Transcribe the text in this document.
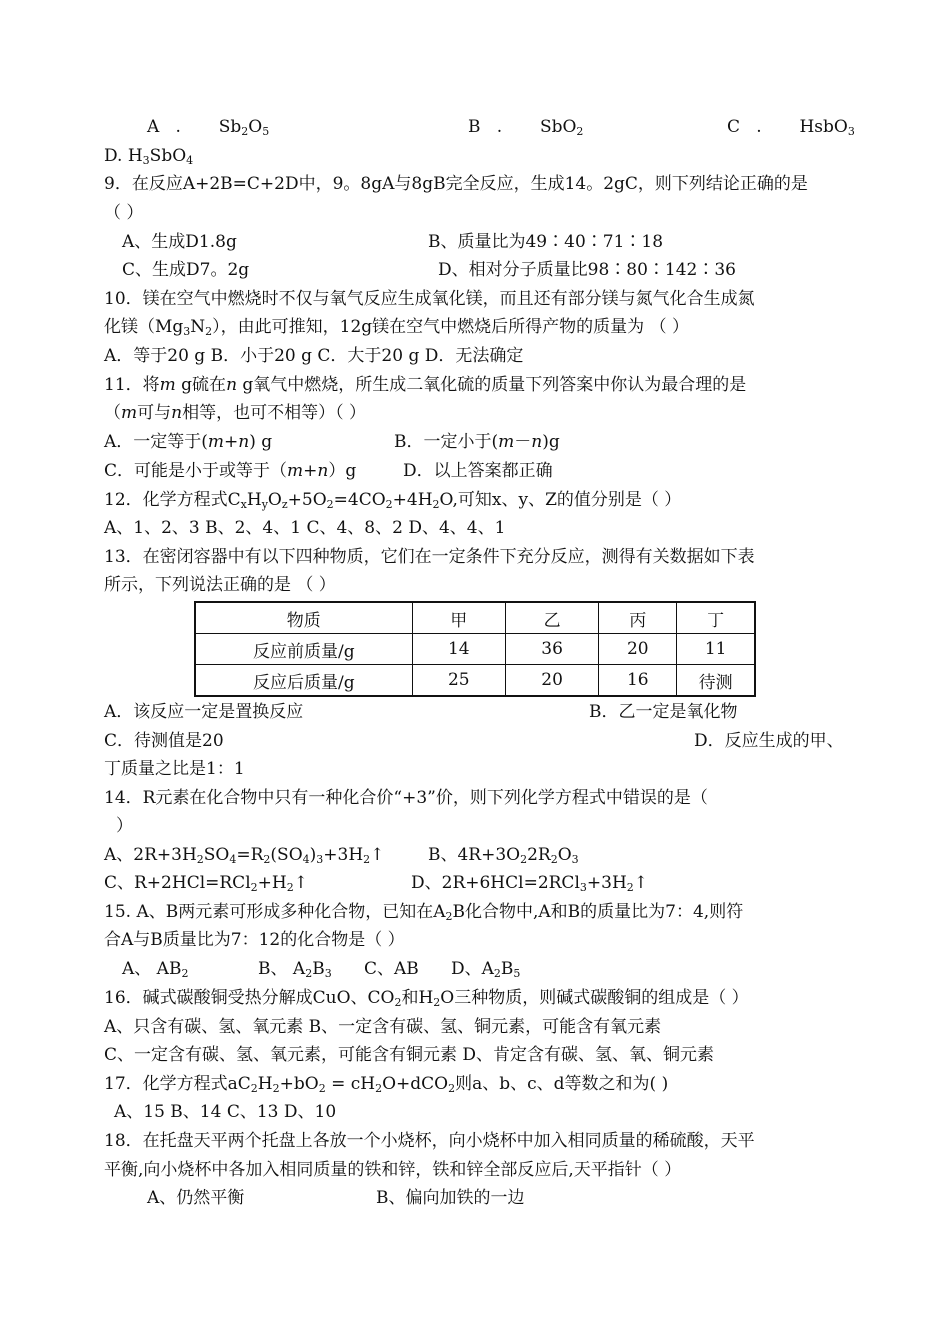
A . $Sb_2O_5$	B . SbO$_2$	C . HsbO$_3$
D. $H_3SbO_4$
9．在反应A+2B=C+2D中，9。8gA与8gB完全反应，生成14。2gC，则下列结论正确的是
（ ）
A、生成D1.8g	B、质量比为49∶40∶71∶18
C、生成D7。2g	D、相对分子质量比98∶80∶142∶36
10．镁在空气中燃烧时不仅与氧气反应生成氧化镁，而且还有部分镁与氮气化合生成氮
化镁$(Mg_3N_2)$，由此可推知，12g镁在空气中燃烧后所得产物的质量为 （ ）
A．等于20 g B．小于20 g C．大于20 g D．无法确定
11．将m g硫在n g氧气中燃烧，所生成二氧化硫的质量下列答案中你认为最合理的是
（m可与n相等，也可不相等）（ ）
A．一定等于(m+n) g	B．一定小于(m－n)g
C．可能是小于或等于（m+n）g	D．以上答案都正确
12．化学方程式$C_xH_yO_z+5O_2=4CO_2+4H_2O$,可知x、y、Z的值分别是（ ）
A、1、2、3 B、2、4、1 C、4、8、2 D、4、4、1
13．在密闭容器中有以下四种物质，它们在一定条件下充分反应，测得有关数据如下表
所示，下列说法正确的是 （ ）
物质	甲	乙	丙	丁
反应前质量/g	14	36	20	11
反应后质量/g	25	20	16	待测
A．该反应一定是置换反应	B．乙一定是氧化物
C．待测值是20	D．反应生成的甲、
丁质量之比是1：1
14．R元素在化合物中只有一种化合价“+3”价，则下列化学方程式中错误的是（
）
A、$2R+3H_2SO_4=R_2(SO_4)_3+3H_2↑$	B、$4R+3O_22R_2O_3$
C、$R+2HCl=RCl_2+H_2↑$	D、$2R+6HCl=2RCl_3+3H_2↑$
15. A、B两元素可形成多种化合物，已知在$A_2B$化合物中,A和B的质量比为7：4,则符
合A与B质量比为7：12的化合物是（ ）
A、 $AB_2$	B、 $A_2B_3$ C、AB D、$A_2B_5$
16．碱式碳酸铜受热分解成CuO、$CO_2$和$H_2O$三种物质，则碱式碳酸铜的组成是（ ）
A、只含有碳、氢、氧元素 B、一定含有碳、氢、铜元素，可能含有氧元素
C、一定含有碳、氢、氧元素，可能含有铜元素 D、肯定含有碳、氢、氧、铜元素
17．化学方程式$aC_2H_2+bO_2 = cH_2O+dCO_2$则a、b、c、d等数之和为( )
A、15 B、14 C、13 D、10
18．在托盘天平两个托盘上各放一个小烧杯，向小烧杯中加入相同质量的稀硫酸，天平
平衡,向小烧杯中各加入相同质量的铁和锌，铁和锌全部反应后,天平指针（ ）
A、仍然平衡	B、偏向加铁的一边
